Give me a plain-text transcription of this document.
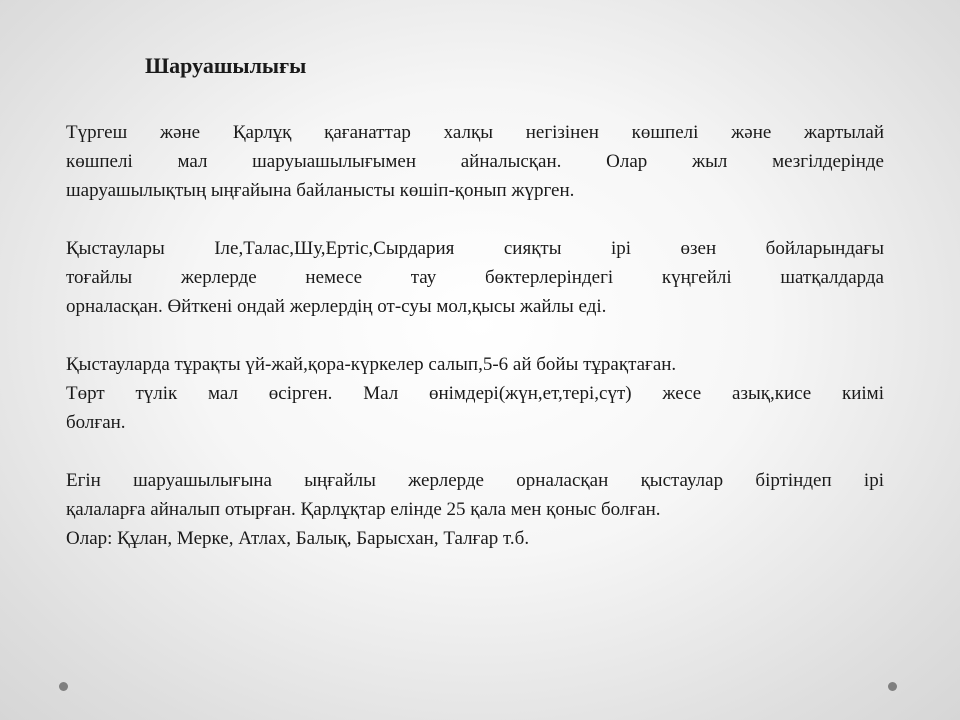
Шаруашылығы
Түргеш және Қарлұқ қағанаттар халқы негізінен көшпелі және жартылай
көшпелі мал шаруыашылығымен айналысқан. Олар жыл мезгілдерінде
шаруашылықтың ыңғайына байланысты көшіп-қонып жүрген.
Қыстаулары Іле,Талас,Шу,Ертіс,Сырдария сияқты ірі өзен бойларындағы
тоғайлы жерлерде немесе тау бөктерлеріндегі күңгейлі шатқалдарда
орналасқан. Өйткені ондай жерлердің от-суы мол,қысы жайлы еді.
Қыстауларда тұрақты үй-жай,қора-күркелер салып,5-6 ай бойы тұрақтаған.
Төрт түлік мал өсірген. Мал өнімдері(жүн,ет,тері,сүт) жесе азық,кисе киімі
болған.
Егін шаруашылығына ыңғайлы жерлерде орналасқан қыстаулар біртіндеп ірі
қалаларға айналып отырған. Қарлұқтар елінде 25 қала мен қоныс болған.
Олар: Құлан, Мерке, Атлах, Балық, Барысхан, Талғар т.б.
